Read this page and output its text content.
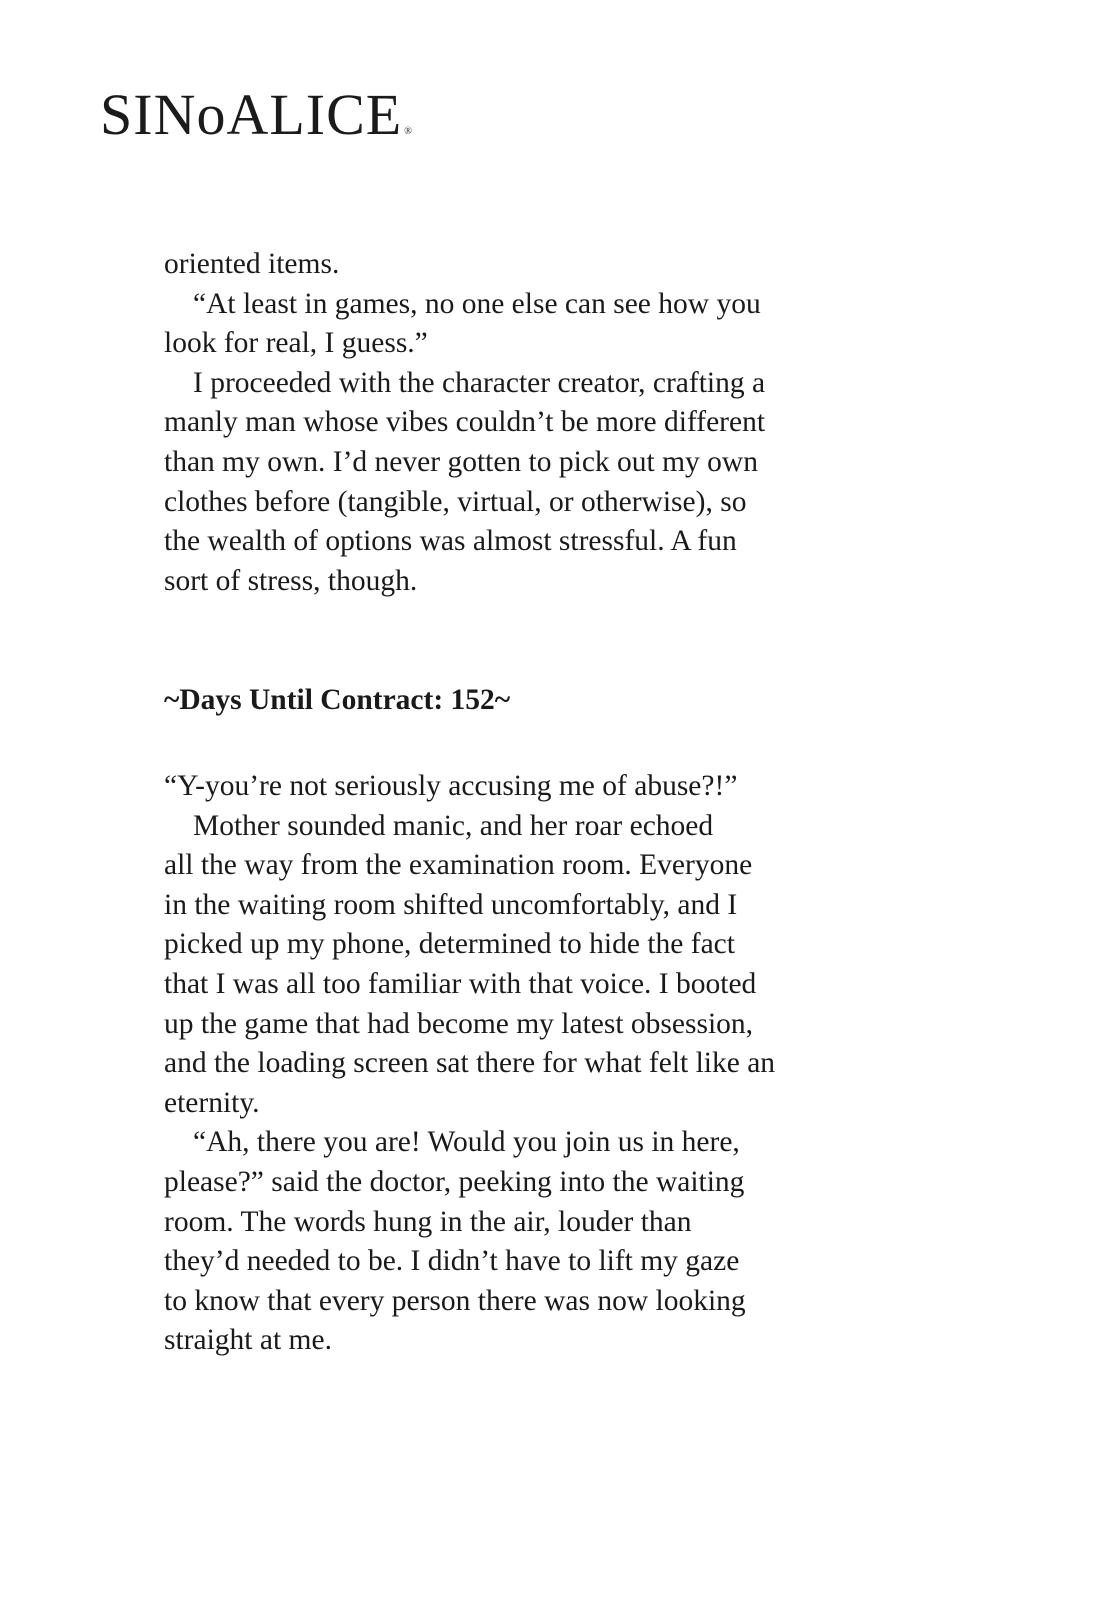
SINoALICE ®
oriented items.
“At least in games, no one else can see how you
look for real, I guess.”
I proceeded with the character creator, crafting a
manly man whose vibes couldn’t be more different
than my own. I’d never gotten to pick out my own
clothes before (tangible, virtual, or otherwise), so
the wealth of options was almost stressful. A fun
sort of stress, though.
~Days Until Contract: 152~
“Y-you’re not seriously accusing me of abuse?!”
Mother sounded manic, and her roar echoed
all the way from the examination room. Everyone
in the waiting room shifted uncomfortably, and I
picked up my phone, determined to hide the fact
that I was all too familiar with that voice. I booted
up the game that had become my latest obsession,
and the loading screen sat there for what felt like an
eternity.
“Ah, there you are! Would you join us in here,
please?” said the doctor, peeking into the waiting
room. The words hung in the air, louder than
they’d needed to be. I didn’t have to lift my gaze
to know that every person there was now looking
straight at me.
